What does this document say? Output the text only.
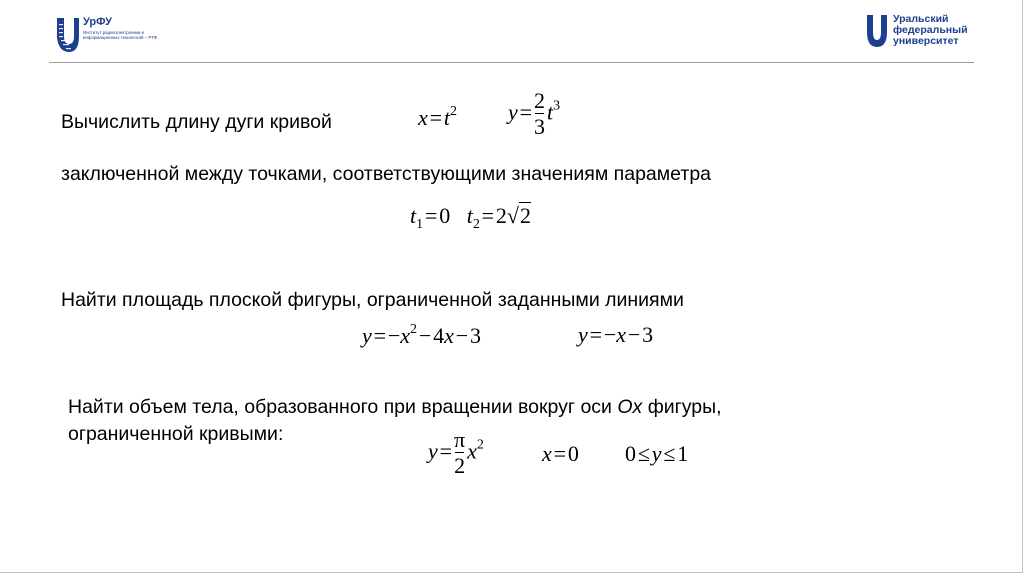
УрФУ
Институт радиоэлектроники и информационных технологий – РТФ
Уральский
федеральный
университет
Вычислить длину дуги кривой	x = $t^2$ y = $\frac{2}{3} t^3$
заключенной между точками, соответствующими значениям параметра
$t_1$ = 0   $t_2$ = 2√2
Найти площадь плоской фигуры, ограниченной заданными линиями
y = $-x^2$ − 4x − 3	y = −x − 3
Найти объем тела, образованного при вращении вокруг оси Ox фигуры,
ограниченной кривыми:
y = $\frac{\pi}{2} x^2$	x = 0 0 ≤ y ≤ 1
